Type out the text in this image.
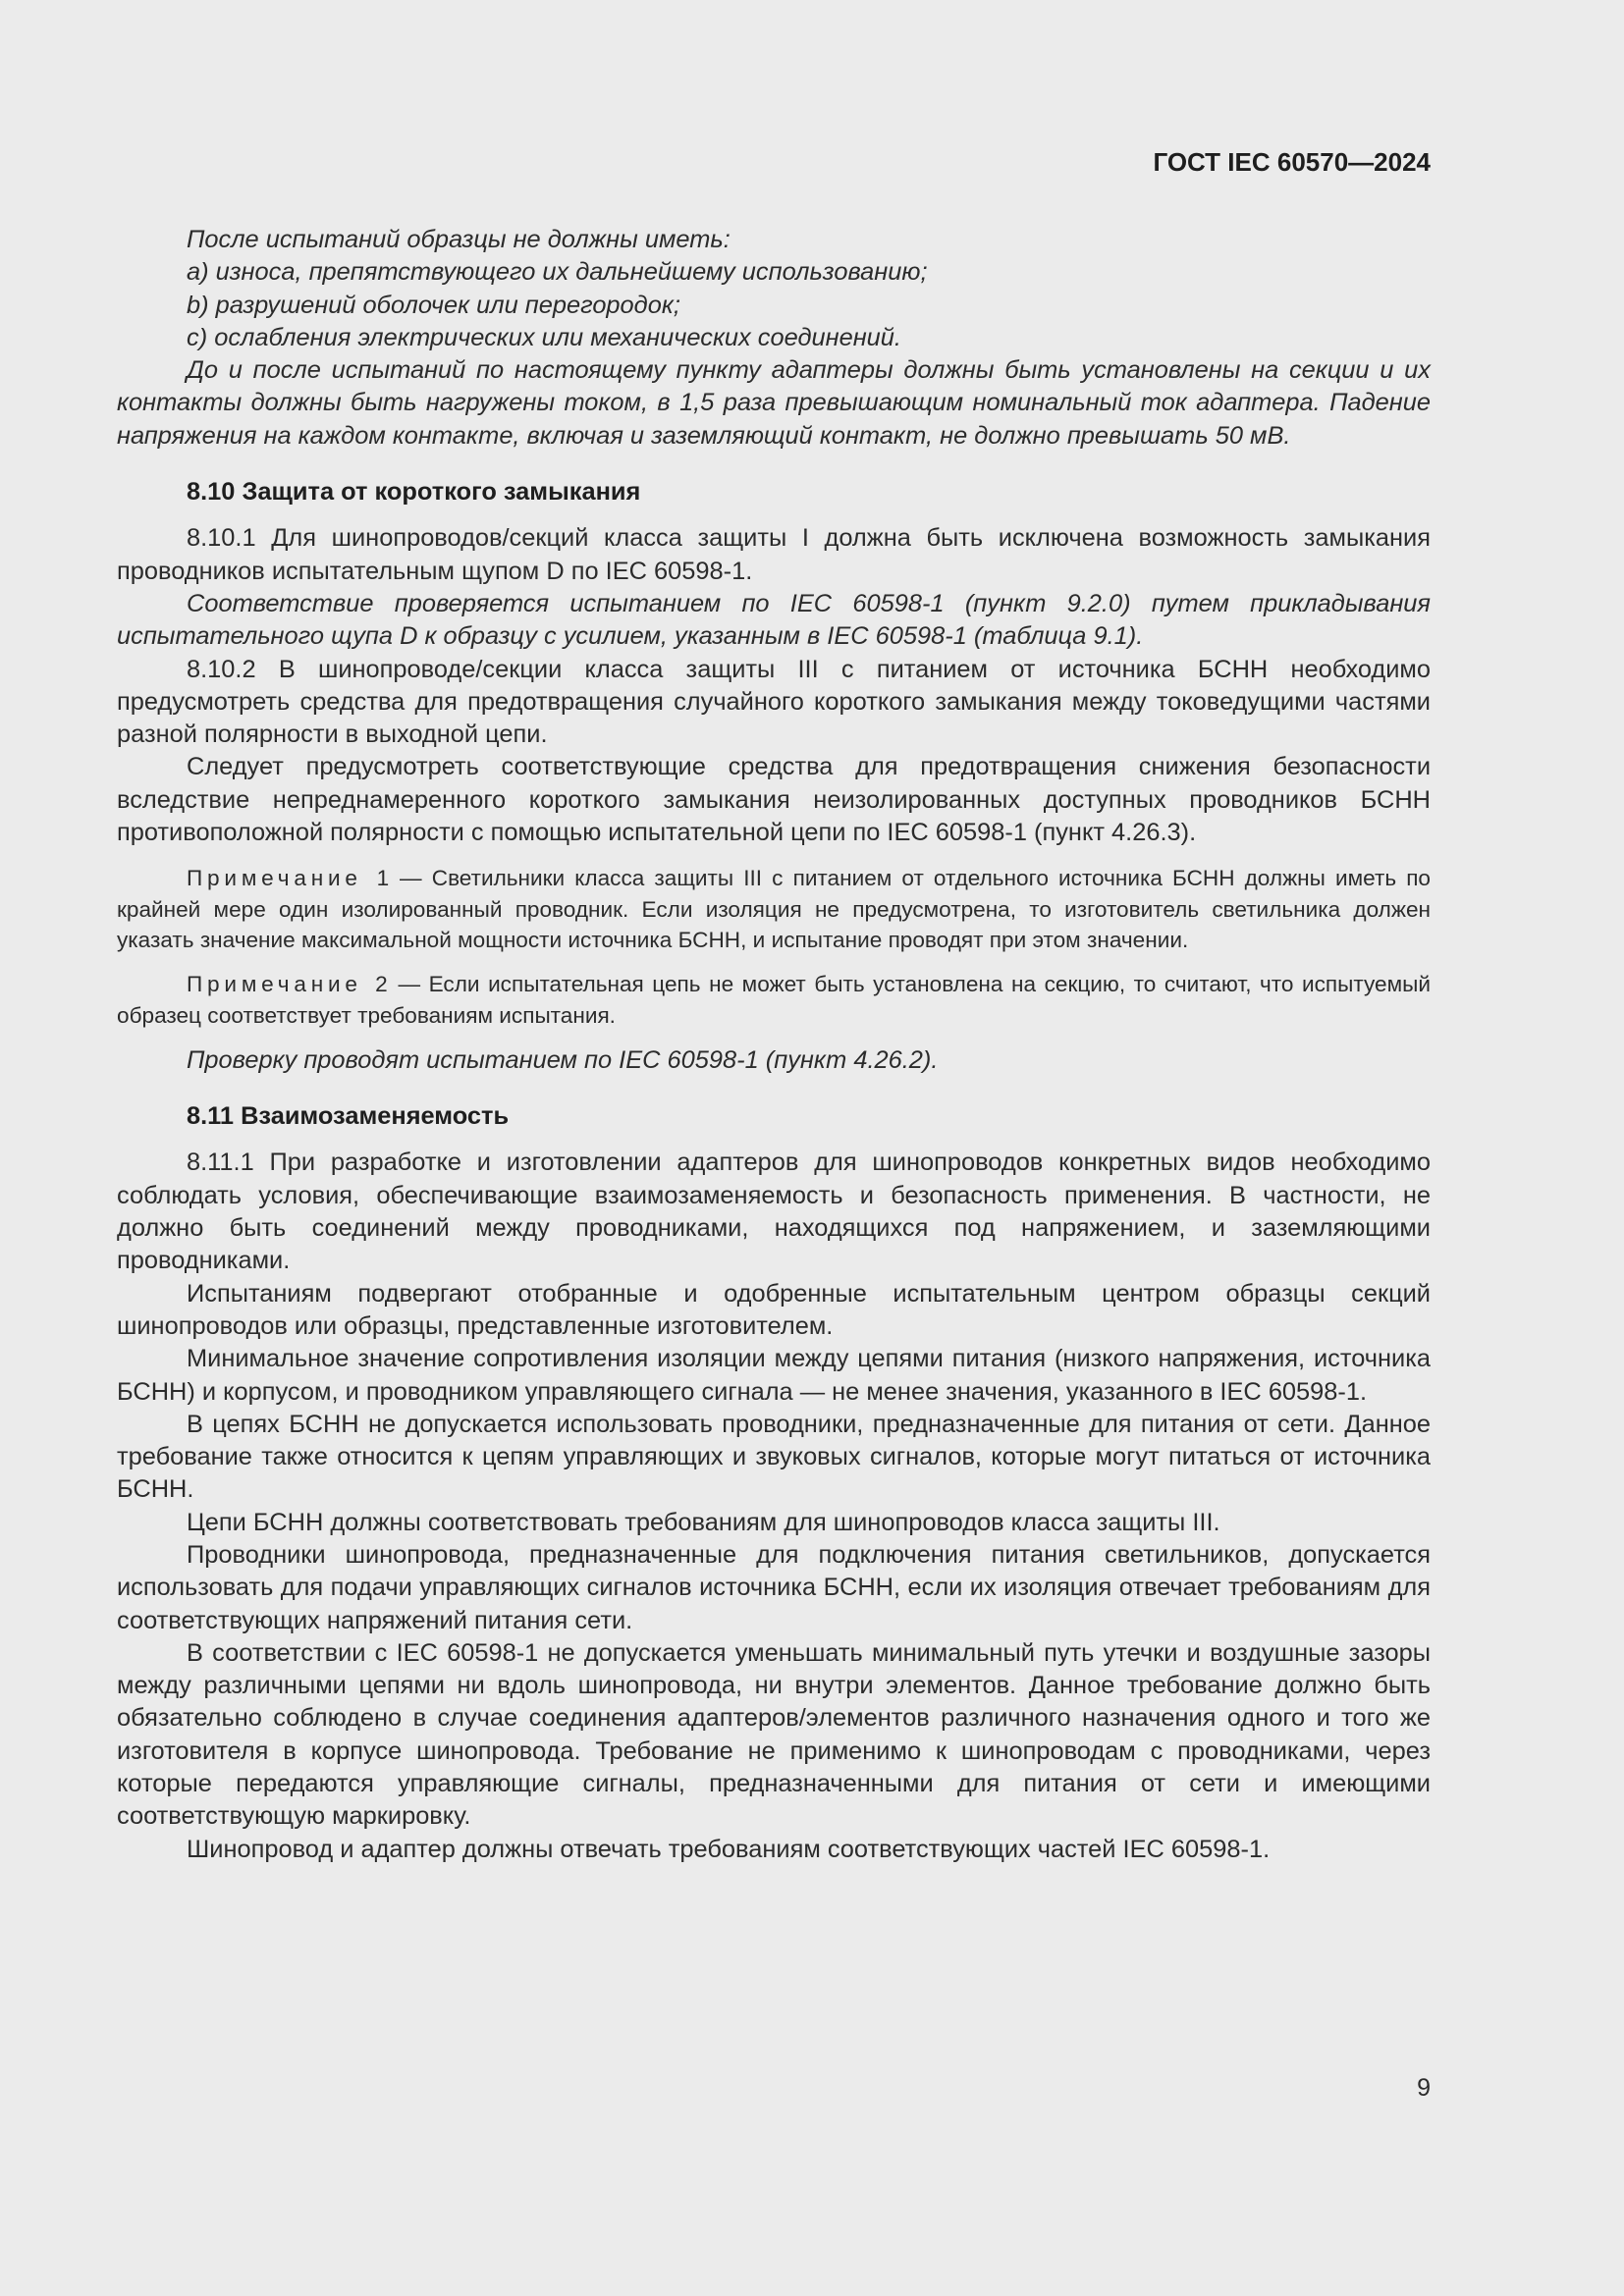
ГОСТ IEC 60570—2024

После испытаний образцы не должны иметь:

a) износа, препятствующего их дальнейшему использованию;

b) разрушений оболочек или перегородок;

c) ослабления электрических или механических соединений.

До и после испытаний по настоящему пункту адаптеры должны быть установлены на секции и их контакты должны быть нагружены током, в 1,5 раза превышающим номинальный ток адаптера. Падение напряжения на каждом контакте, включая и заземляющий контакт, не должно превышать 50 мВ.

8.10 Защита от короткого замыкания

8.10.1 Для шинопроводов/секций класса защиты I должна быть исключена возможность замыкания проводников испытательным щупом D по IEC 60598-1.

Соответствие проверяется испытанием по IEC 60598-1 (пункт 9.2.0) путем прикладывания испытательного щупа D к образцу с усилием, указанным в IEC 60598-1 (таблица 9.1).

8.10.2 В шинопроводе/секции класса защиты III с питанием от источника БСНН необходимо предусмотреть средства для предотвращения случайного короткого замыкания между токоведущими частями разной полярности в выходной цепи.

Следует предусмотреть соответствующие средства для предотвращения снижения безопасности вследствие непреднамеренного короткого замыкания неизолированных доступных проводников БСНН противоположной полярности с помощью испытательной цепи по IEC 60598-1 (пункт 4.26.3).

Примечание 1 — Светильники класса защиты III с питанием от отдельного источника БСНН должны иметь по крайней мере один изолированный проводник. Если изоляция не предусмотрена, то изготовитель светильника должен указать значение максимальной мощности источника БСНН, и испытание проводят при этом значении.

Примечание 2 — Если испытательная цепь не может быть установлена на секцию, то считают, что испытуемый образец соответствует требованиям испытания.

Проверку проводят испытанием по IEC 60598-1 (пункт 4.26.2).

8.11 Взаимозаменяемость

8.11.1 При разработке и изготовлении адаптеров для шинопроводов конкретных видов необходимо соблюдать условия, обеспечивающие взаимозаменяемость и безопасность применения. В частности, не должно быть соединений между проводниками, находящихся под напряжением, и заземляющими проводниками.

Испытаниям подвергают отобранные и одобренные испытательным центром образцы секций шинопроводов или образцы, представленные изготовителем.

Минимальное значение сопротивления изоляции между цепями питания (низкого напряжения, источника БСНН) и корпусом, и проводником управляющего сигнала — не менее значения, указанного в IEC 60598-1.

В цепях БСНН не допускается использовать проводники, предназначенные для питания от сети. Данное требование также относится к цепям управляющих и звуковых сигналов, которые могут питаться от источника БСНН.

Цепи БСНН должны соответствовать требованиям для шинопроводов класса защиты III.

Проводники шинопровода, предназначенные для подключения питания светильников, допускается использовать для подачи управляющих сигналов источника БСНН, если их изоляция отвечает требованиям для соответствующих напряжений питания сети.

В соответствии с IEC 60598-1 не допускается уменьшать минимальный путь утечки и воздушные зазоры между различными цепями ни вдоль шинопровода, ни внутри элементов. Данное требование должно быть обязательно соблюдено в случае соединения адаптеров/элементов различного назначения одного и того же изготовителя в корпусе шинопровода. Требование не применимо к шинопроводам с проводниками, через которые передаются управляющие сигналы, предназначенными для питания от сети и имеющими соответствующую маркировку.

Шинопровод и адаптер должны отвечать требованиям соответствующих частей IEC 60598-1.

9
